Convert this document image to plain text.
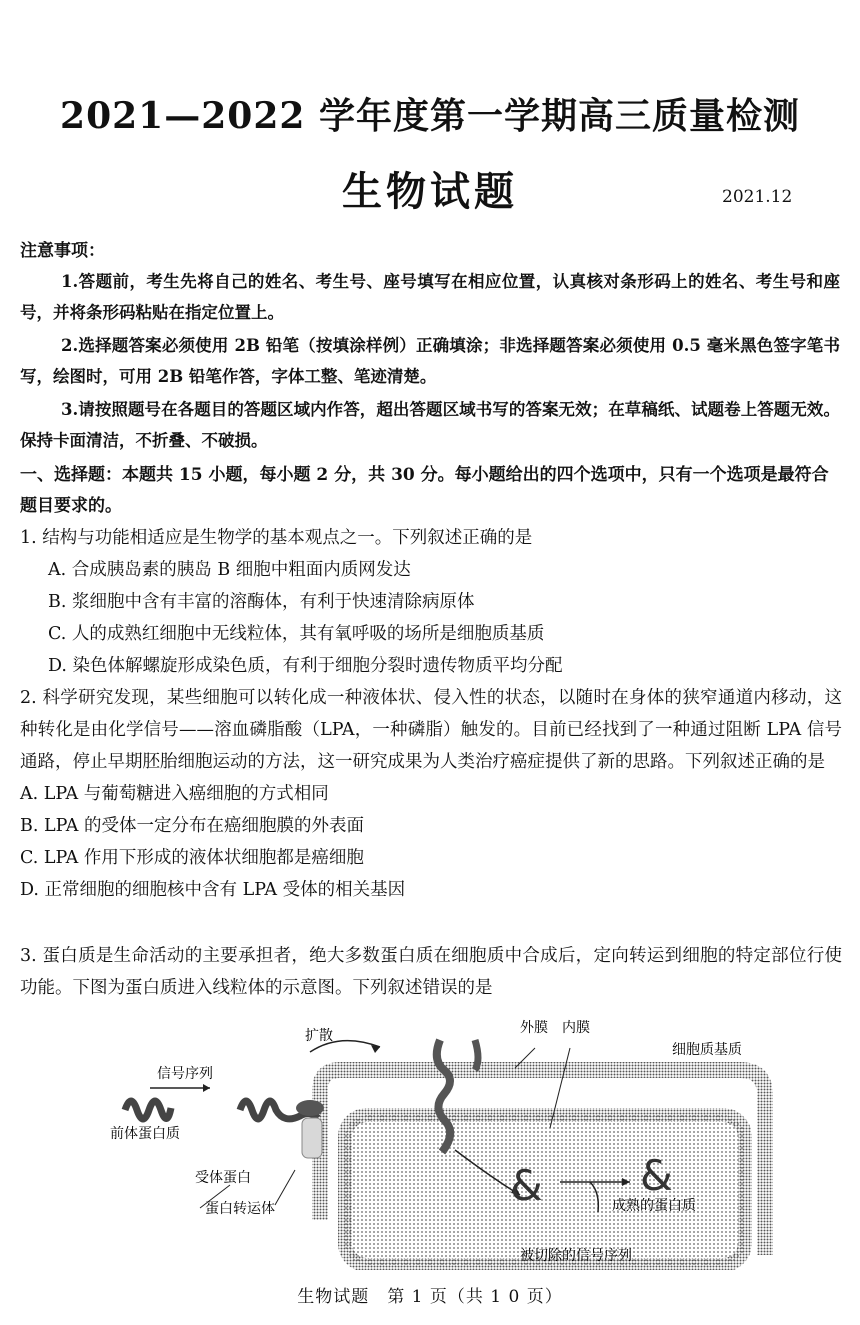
2021—2022 学年度第一学期高三质量检测
生物试题	2021.12
注意事项：
1.答题前，考生先将自己的姓名、考生号、座号填写在相应位置，认真核对条形码上的姓名、考生号和座号，并将条形码粘贴在指定位置上。
2.选择题答案必须使用 2B 铅笔（按填涂样例）正确填涂；非选择题答案必须使用 0.5 毫米黑色签字笔书写，绘图时，可用 2B 铅笔作答，字体工整、笔迹清楚。
3.请按照题号在各题目的答题区域内作答，超出答题区域书写的答案无效；在草稿纸、试题卷上答题无效。保持卡面清洁，不折叠、不破损。
一、选择题：本题共 15 小题，每小题 2 分，共 30 分。每小题给出的四个选项中，只有一个选项是最符合题目要求的。
1. 结构与功能相适应是生物学的基本观点之一。下列叙述正确的是
A. 合成胰岛素的胰岛 B 细胞中粗面内质网发达
B. 浆细胞中含有丰富的溶酶体，有利于快速清除病原体
C. 人的成熟红细胞中无线粒体，其有氧呼吸的场所是细胞质基质
D. 染色体解螺旋形成染色质，有利于细胞分裂时遗传物质平均分配
2. 科学研究发现，某些细胞可以转化成一种液体状、侵入性的状态，以随时在身体的狭窄通道内移动，这种转化是由化学信号——溶血磷脂酸（LPA，一种磷脂）触发的。目前已经找到了一种通过阻断 LPA 信号通路，停止早期胚胎细胞运动的方法，这一研究成果为人类治疗癌症提供了新的思路。下列叙述正确的是
A. LPA 与葡萄糖进入癌细胞的方式相同
B. LPA 的受体一定分布在癌细胞膜的外表面
C. LPA 作用下形成的液体状细胞都是癌细胞
D. 正常细胞的细胞核中含有 LPA 受体的相关基因
3. 蛋白质是生命活动的主要承担者，绝大多数蛋白质在细胞质中合成后，定向转运到细胞的特定部位行使功能。下图为蛋白质进入线粒体的示意图。下列叙述错误的是
& &
扩散	外膜 内膜
细胞质基质
信号序列
前体蛋白质
受体蛋白
蛋白转运体	成熟的蛋白质
被切除的信号序列
生物试题　第 1 页（共 1 0 页）
